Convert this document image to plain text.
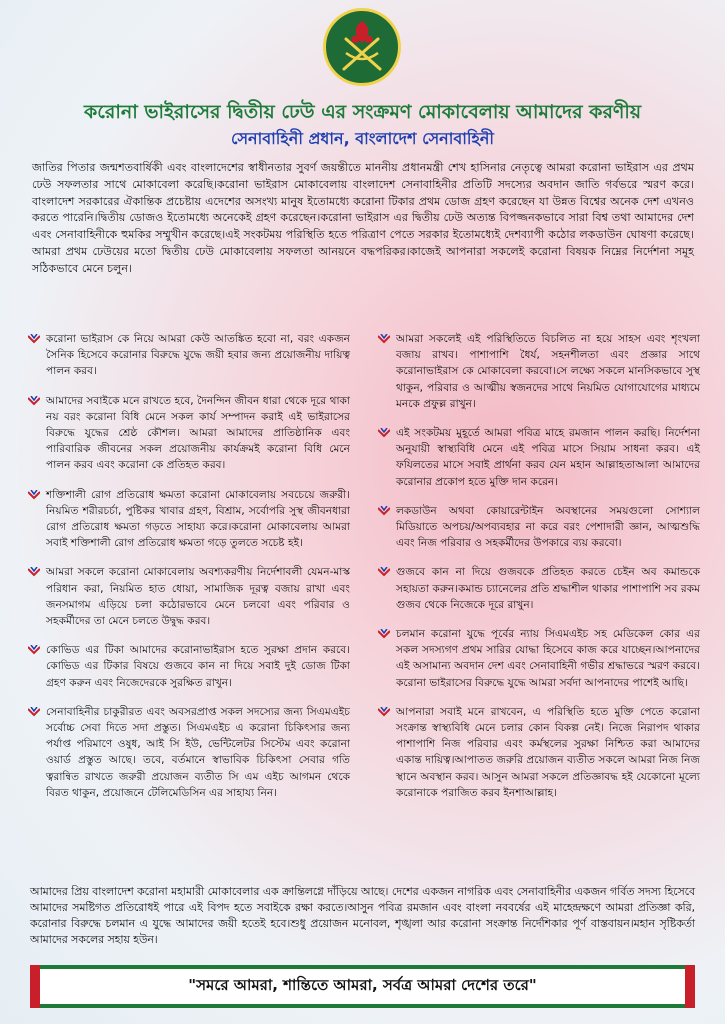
করোনা ভাইরাসের দ্বিতীয় ঢেউ এর সংক্রমণ মোকাবেলায় আমাদের করণীয়
সেনাবাহিনী প্রধান, বাংলাদেশ সেনাবাহিনী

জাতির পিতার জন্মশতবার্ষিকী এবং বাংলাদেশের স্বাধীনতার সুবর্ণ জয়ন্তীতে মাননীয় প্রধানমন্ত্রী শেখ হাসিনার নেতৃত্বে আমরা করোনা ভাইরাস এর প্রথম ঢেউ সফলতার সাথে মোকাবেলা করেছি।করোনা ভাইরাস মোকাবেলায় বাংলাদেশ সেনাবাহিনীর প্রতিটি সদস্যের অবদান জাতি গর্বভরে স্মরণ করে।বাংলাদেশ সরকারের ঐকান্তিক প্রচেষ্টায় এদেশের অসংখ্য মানুষ ইতোমধ্যে করোনা টিকার প্রথম ডোজ গ্রহণ করেছেন যা উন্নত বিশ্বের অনেক দেশ এখনও করতে পারেনি।দ্বিতীয় ডোজও ইতোমধ্যে অনেকেই গ্রহণ করেছেন।করোনা ভাইরাস এর দ্বিতীয় ঢেউ অত্যন্ত বিপজ্জনকভাবে সারা বিশ্ব তথা আমাদের দেশ এবং সেনাবাহিনীকে হুমকির সম্মুখীন করেছে।এই সংকটময় পরিস্থিতি হতে পরিত্রাণ পেতে সরকার ইতোমধ্যেই দেশব্যাপী কঠোর লকডাউন ঘোষণা করেছে। আমরা প্রথম ঢেউয়ের মতো দ্বিতীয় ঢেউ মোকাবেলায় সফলতা আনয়নে বদ্ধপরিকর।কাজেই আপনারা সকলেই করোনা বিষয়ক নিম্নের নির্দেশনা সমূহ সঠিকভাবে মেনে চলুন।

করোনা ভাইরাস কে নিয়ে আমরা কেউ আতঙ্কিত হবো না, বরং একজন সৈনিক হিসেবে করোনার বিরুদ্ধে যুদ্ধে জয়ী হবার জন্য প্রয়োজনীয় দায়িত্ব পালন করব।
আমাদের সবাইকে মনে রাখতে হবে, দৈনন্দিন জীবন ধারা থেকে দূরে থাকা নয় বরং করোনা বিধি মেনে সকল কার্য সম্পাদন করাই এই ভাইরাসের বিরুদ্ধে যুদ্ধের শ্রেষ্ঠ কৌশল। আমরা আমাদের প্রাতিষ্ঠানিক এবং পারিবারিক জীবনের সকল প্রয়োজনীয় কার্যক্রমই করোনা বিধি মেনে পালন করব এবং করোনা কে প্রতিহত করব।
শক্তিশালী রোগ প্রতিরোধ ক্ষমতা করোনা মোকাবেলায় সবচেয়ে জরুরী।নিয়মিত শরীরচর্চা, পুষ্টিকর খাবার গ্রহণ, বিশ্রাম, সর্বোপরি সুস্থ জীবনধারা রোগ প্রতিরোধ ক্ষমতা গড়তে সাহায্য করে।করোনা মোকাবেলায় আমরা সবাই শক্তিশালী রোগ প্রতিরোধ ক্ষমতা গড়ে তুলতে সচেষ্ট হই।
আমরা সকলে করোনা মোকাবেলায় অবশ্যকরণীয় নির্দেশাবলী যেমন-মাস্ক পরিধান করা, নিয়মিত হাত ধোয়া, সামাজিক দূরত্ব বজায় রাখা এবং জনসমাগম এড়িয়ে চলা কঠোরভাবে মেনে চলবো এবং পরিবার ও সহকর্মীদের তা মেনে চলতে উদ্বুদ্ধ করব।
কোভিড এর টিকা আমাদের করোনাভাইরাস হতে সুরক্ষা প্রদান করবে।কোভিড এর টিকার বিষয়ে গুজবে কান না দিয়ে সবাই দুই ডোজ টিকা গ্রহণ করুন এবং নিজেদেরকে সুরক্ষিত রাখুন।
সেনাবাহিনীর চাকুরীরত এবং অবসরপ্রাপ্ত সকল সদস্যের জন্য সিএমএইচ সর্বোচ্চ সেবা দিতে সদা প্রস্তুত। সিএমএইচ এ করোনা চিকিৎসার জন্য পর্যাপ্ত পরিমাণে ওষুধ, আই সি ইউ, ভেন্টিলেটর সিস্টেম এবং করোনা ওয়ার্ড প্রস্তুত আছে। তবে, বর্তমানে স্বাভাবিক চিকিৎসা সেবার গতি ত্বরান্বিত রাখতে জরুরী প্রয়োজন ব্যতীত সি এম এইচ আগমন থেকে বিরত থাকুন, প্রয়োজনে টেলিমেডিসিন এর সাহায্য নিন।
আমরা সকলেই এই পরিস্থিতিতে বিচলিত না হয়ে সাহস এবং শৃংখলা বজায় রাখব। পাশাপাশি ধৈর্য, সহনশীলতা এবং প্রজ্ঞার সাথে করোনাভাইরাস কে মোকাবেলা করবো।সে লক্ষ্যে সকলে মানসিকভাবে সুস্থ থাকুন, পরিবার ও আত্মীয় স্বজনদের সাথে নিয়মিত যোগাযোগের মাধ্যমে মনকে প্রফুল্ল রাখুন।
এই সংকটময় মুহূর্তে আমরা পবিত্র মাহে রমজান পালন করছি। নির্দেশনা অনুযায়ী স্বাস্থ্যবিধি মেনে এই পবিত্র মাসে সিয়াম সাধনা করব। এই ফযিলতের মাসে সবাই প্রার্থনা করব যেন মহান আল্লাহতাআলা আমাদের করোনার প্রকোপ হতে মুক্তি দান করেন।
লকডাউন অথবা কোয়ারেন্টাইন অবস্থানের সময়গুলো সোশ্যাল মিডিয়াতে অপচয়/অপব্যবহার না করে বরং পেশাদারী জ্ঞান, আত্মশুদ্ধি এবং নিজ পরিবার ও সহকর্মীদের উপকারে ব্যয় করবো।
গুজবে কান না দিয়ে গুজবকে প্রতিহত করতে চেইন অব কমান্ডকে সহায়তা করুন।কমান্ড চ্যানেলের প্রতি শ্রদ্ধাশীল থাকার পাশাপাশি সব রকম গুজব থেকে নিজেকে দূরে রাখুন।
চলমান করোনা যুদ্ধে পূর্বের ন্যায় সিএমএইচ সহ মেডিকেল কোর এর সকল সদস্যগণ প্রথম সারির যোদ্ধা হিসেবে কাজ করে যাচ্ছেন।আপনাদের এই অসামান্য অবদান দেশ এবং সেনাবাহিনী গভীর শ্রদ্ধাভরে স্মরণ করবে। করোনা ভাইরাসের বিরুদ্ধে যুদ্ধে আমরা সর্বদা আপনাদের পাশেই আছি।
আপনারা সবাই মনে রাখবেন, এ পরিস্থিতি হতে মুক্তি পেতে করোনা সংক্রান্ত স্বাস্থ্যবিধি মেনে চলার কোন বিকল্প নেই। নিজে নিরাপদ থাকার পাশাপাশি নিজ পরিবার এবং কর্মস্থলের সুরক্ষা নিশ্চিত করা আমাদের একান্ত দায়িত্ব।আপাতত জরুরি প্রয়োজন ব্যতীত সকলে আমরা নিজ নিজ স্থানে অবস্থান করব। আসুন আমরা সকলে প্রতিজ্ঞাবদ্ধ হই যেকোনো মূল্যে করোনাকে পরাজিত করব ইনশাআল্লাহ।

আমাদের প্রিয় বাংলাদেশ করোনা মহামারী মোকাবেলার এক ক্রান্তিলগ্নে দাঁড়িয়ে আছে। দেশের একজন নাগরিক এবং সেনাবাহিনীর একজন গর্বিত সদস্য হিসেবে আমাদের সমষ্টিগত প্রতিরোধই পারে এই বিপদ হতে সবাইকে রক্ষা করতে।আসুন পবিত্র রমজান এবং বাংলা নববর্ষের এই মাহেন্দ্রক্ষণে আমরা প্রতিজ্ঞা করি, করোনার বিরুদ্ধে চলমান এ যুদ্ধে আমাদের জয়ী হতেই হবে।শুধু প্রয়োজন মনোবল, শৃঙ্খলা আর করোনা সংক্রান্ত নির্দেশিকার পূর্ণ বাস্তবায়ন।মহান সৃষ্টিকর্তা আমাদের সকলের সহায় হউন।

"সমরে আমরা, শান্তিতে আমরা, সর্বত্র আমরা দেশের তরে"
